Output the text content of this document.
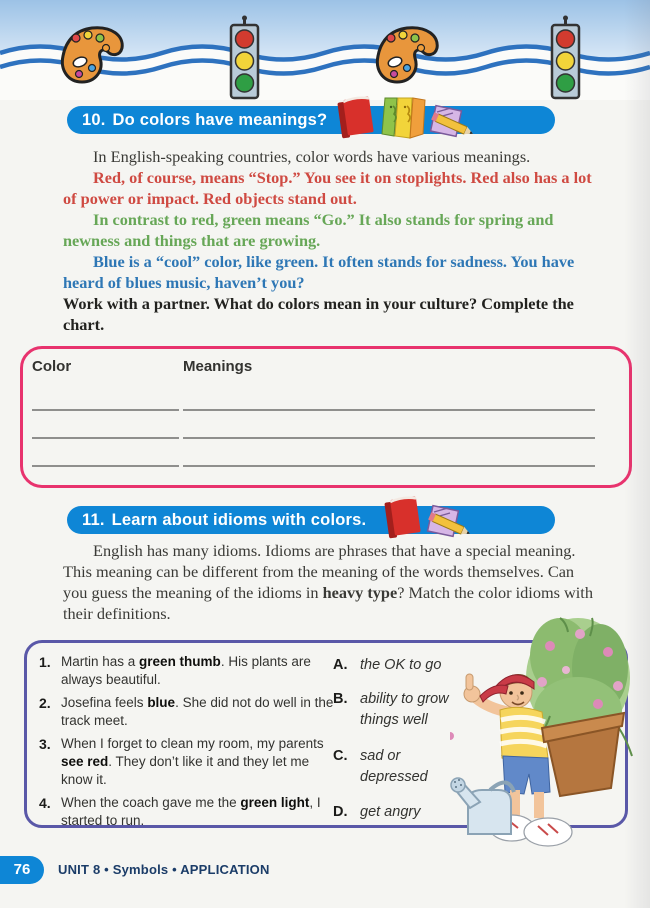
10. Do colors have meanings?

In English-speaking countries, color words have various meanings.

Red, of course, means “Stop.” You see it on stoplights. Red also has a lot of power or impact. Red objects stand out.

In contrast to red, green means “Go.” It also stands for spring and newness and things that are growing.

Blue is a “cool” color, like green. It often stands for sadness. You have heard of blues music, haven’t you?

Work with a partner. What do colors mean in your culture? Complete the chart.

Color	Meanings
11. Learn about idioms with colors.

English has many idioms. Idioms are phrases that have a special meaning. This meaning can be different from the meaning of the words themselves. Can you guess the meaning of the idioms in heavy type? Match the color idioms with their definitions.

1. Martin has a green thumb. His plants are always beautiful.
2. Josefina feels blue. She did not do well in the track meet.
3. When I forget to clean my room, my parents see red. They don’t like it and they let me know it.
4. When the coach gave me the green light, I started to run.
A. the OK to go
B. ability to grow things well
C. sad or depressed
D. get angry
76	UNIT 8 • Symbols • APPLICATION
